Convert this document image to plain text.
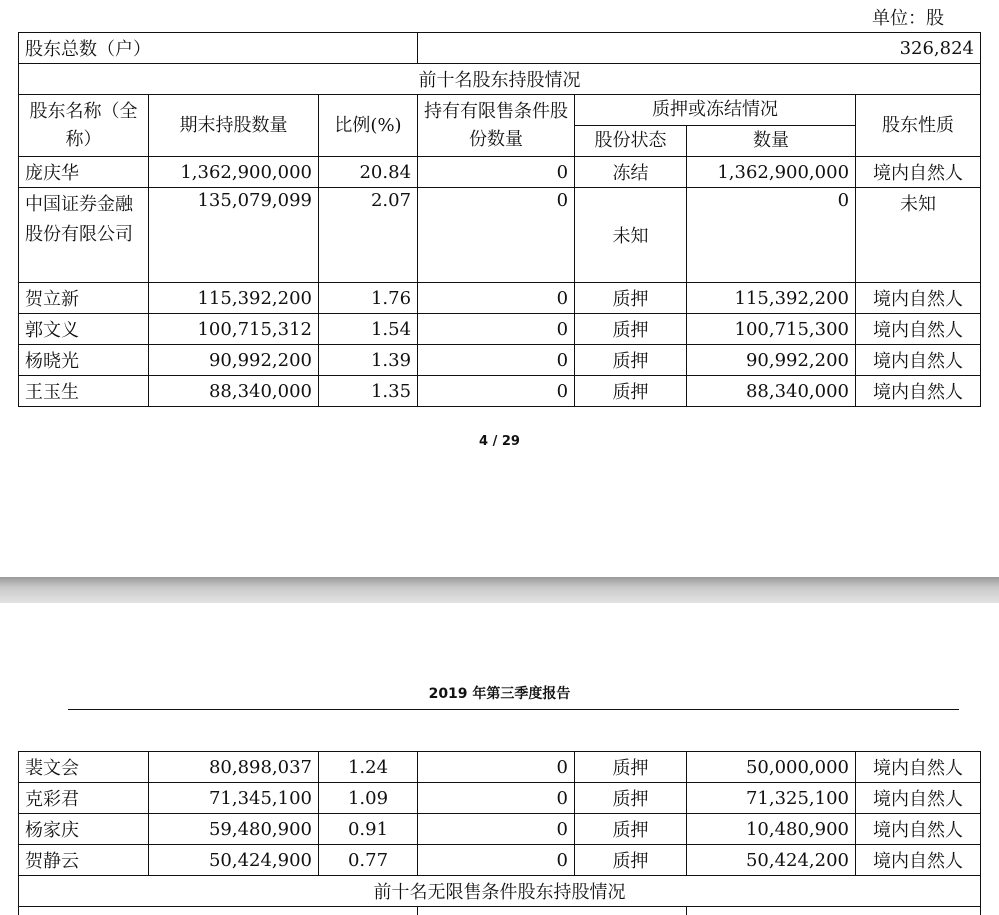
单位：股
股东总数（户）			326,824			
前十名股东持股情况						
股东名称（全称）	期末持股数量	比例(%)	持有有限售条件股份数量	质押或冻结情况		股东性质
				股份状态	数量	
庞庆华	1,362,900,000	20.84	0	冻结	1,362,900,000	境内自然人
中国证券金融股份有限公司	135,079,099	2.07	0	未知	0	未知
贺立新	115,392,200	1.76	0	质押	115,392,200	境内自然人
郭文义	100,715,312	1.54	0	质押	100,715,300	境内自然人
杨晓光	90,992,200	1.39	0	质押	90,992,200	境内自然人
王玉生	88,340,000	1.35	0	质押	88,340,000	境内自然人
4 / 29
2019 年第三季度报告
裴文会	80,898,037	1.24	0	质押	50,000,000	境内自然人
克彩君	71,345,100	1.09	0	质押	71,325,100	境内自然人
杨家庆	59,480,900	0.91	0	质押	10,480,900	境内自然人
贺静云	50,424,900	0.77	0	质押	50,424,200	境内自然人
前十名无限售条件股东持股情况						
